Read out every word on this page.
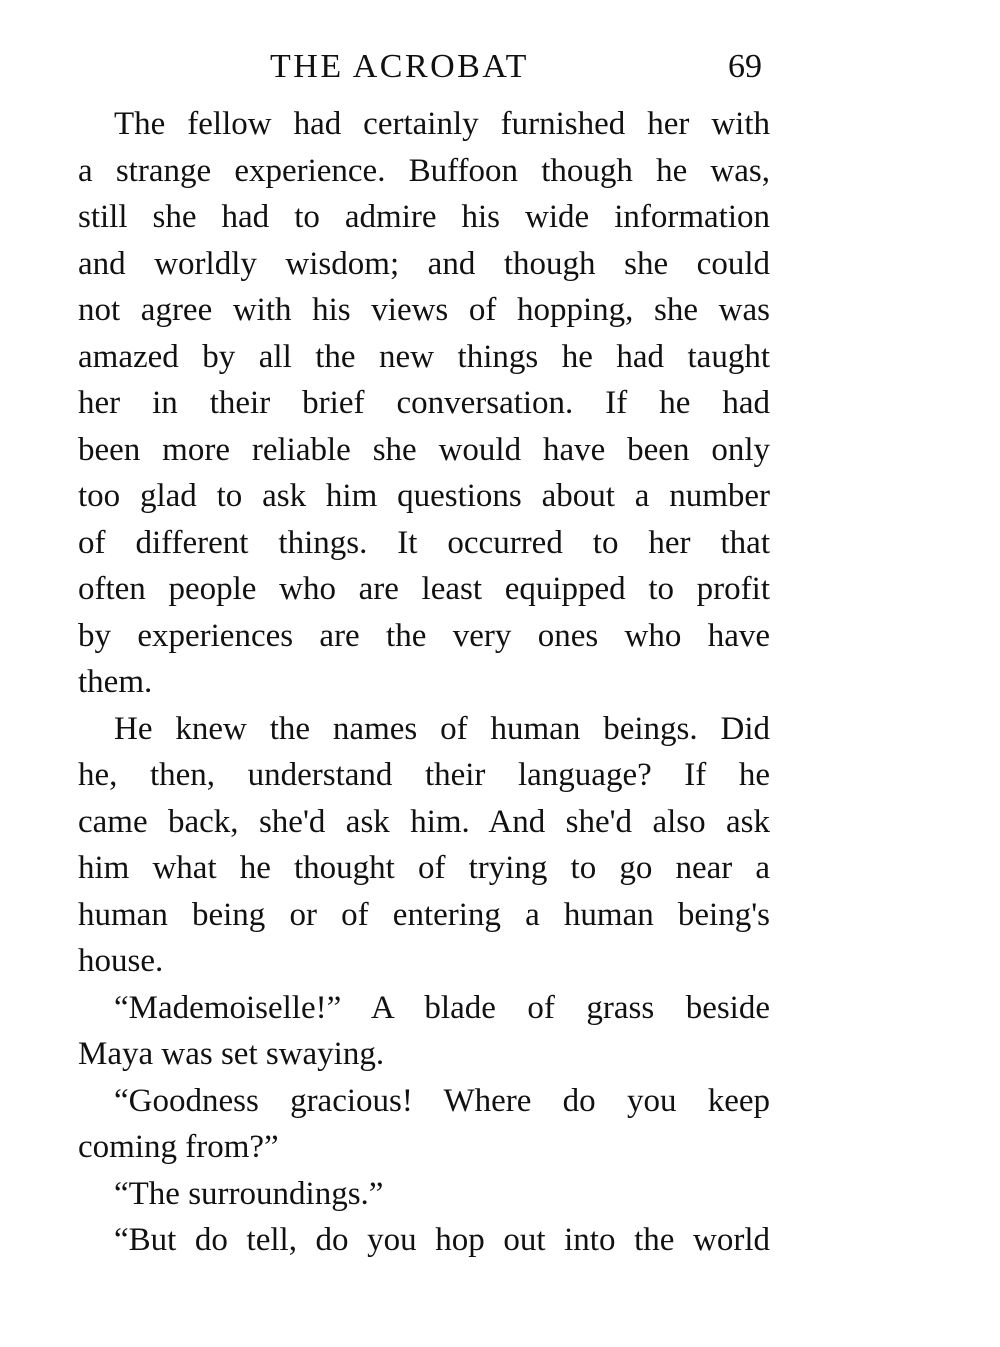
THE ACROBAT	69
The fellow had certainly furnished her with
a strange experience. Buffoon though he was,
still she had to admire his wide information
and worldly wisdom; and though she could
not agree with his views of hopping, she was
amazed by all the new things he had taught
her in their brief conversation. If he had
been more reliable she would have been only
too glad to ask him questions about a number
of different things. It occurred to her that
often people who are least equipped to profit
by experiences are the very ones who have
them.
He knew the names of human beings. Did
he, then, understand their language? If he
came back, she'd ask him. And she'd also ask
him what he thought of trying to go near a
human being or of entering a human being's
house.
“Mademoiselle!” A blade of grass beside
Maya was set swaying.
“Goodness gracious! Where do you keep
coming from?”
“The surroundings.”
“But do tell, do you hop out into the world
